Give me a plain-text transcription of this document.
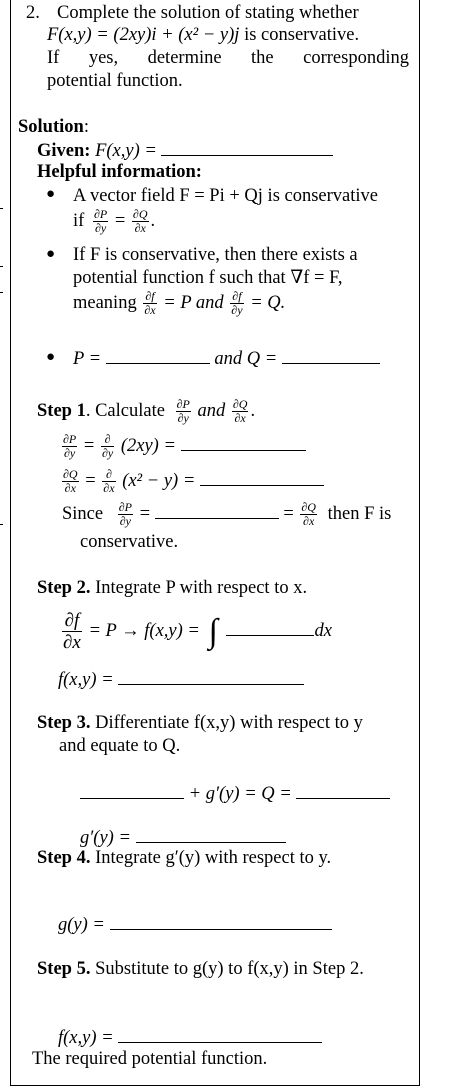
2. Complete the solution of stating whether
F(x,y) = (2xy)i + (x² − y)j is conservative.
If yes, determine the corresponding
potential function.
Solution:
Given: F(x,y) =
Helpful information:
● A vector field F = Pi + Qj is conservative
if $\frac{\partial P}{\partial y} = \frac{\partial Q}{\partial x}$ .
● If F is conservative, then there exists a
potential function f such that ∇f = F,
meaning $\frac{\partial f}{\partial x} = P$ and $\frac{\partial f}{\partial y} = Q$.
● P =	and Q =
Step 1. Calculate $\frac{\partial P}{\partial y}$ and $\frac{\partial Q}{\partial x}$ .
$\frac{\partial P}{\partial y} = \frac{\partial}{\partial y} (2xy)$ =
$\frac{\partial Q}{\partial x} = \frac{\partial}{\partial x} (x^2 - y)$ =
Since $\frac{\partial P}{\partial y}$ =	= $\frac{\partial Q}{\partial x}$ then F is
conservative.
Step 2. Integrate P with respect to x.
$\frac{\partial f}{\partial x} = P \to f(x,y)$ = ∫	dx
f(x,y) =
Step 3. Differentiate f(x,y) with respect to y
and equate to Q.
+ g′(y) = Q =
g′(y) =
Step 4. Integrate g′(y) with respect to y.
g(y) =
Step 5. Substitute to g(y) to f(x,y) in Step 2.
f(x,y) =
The required potential function.
